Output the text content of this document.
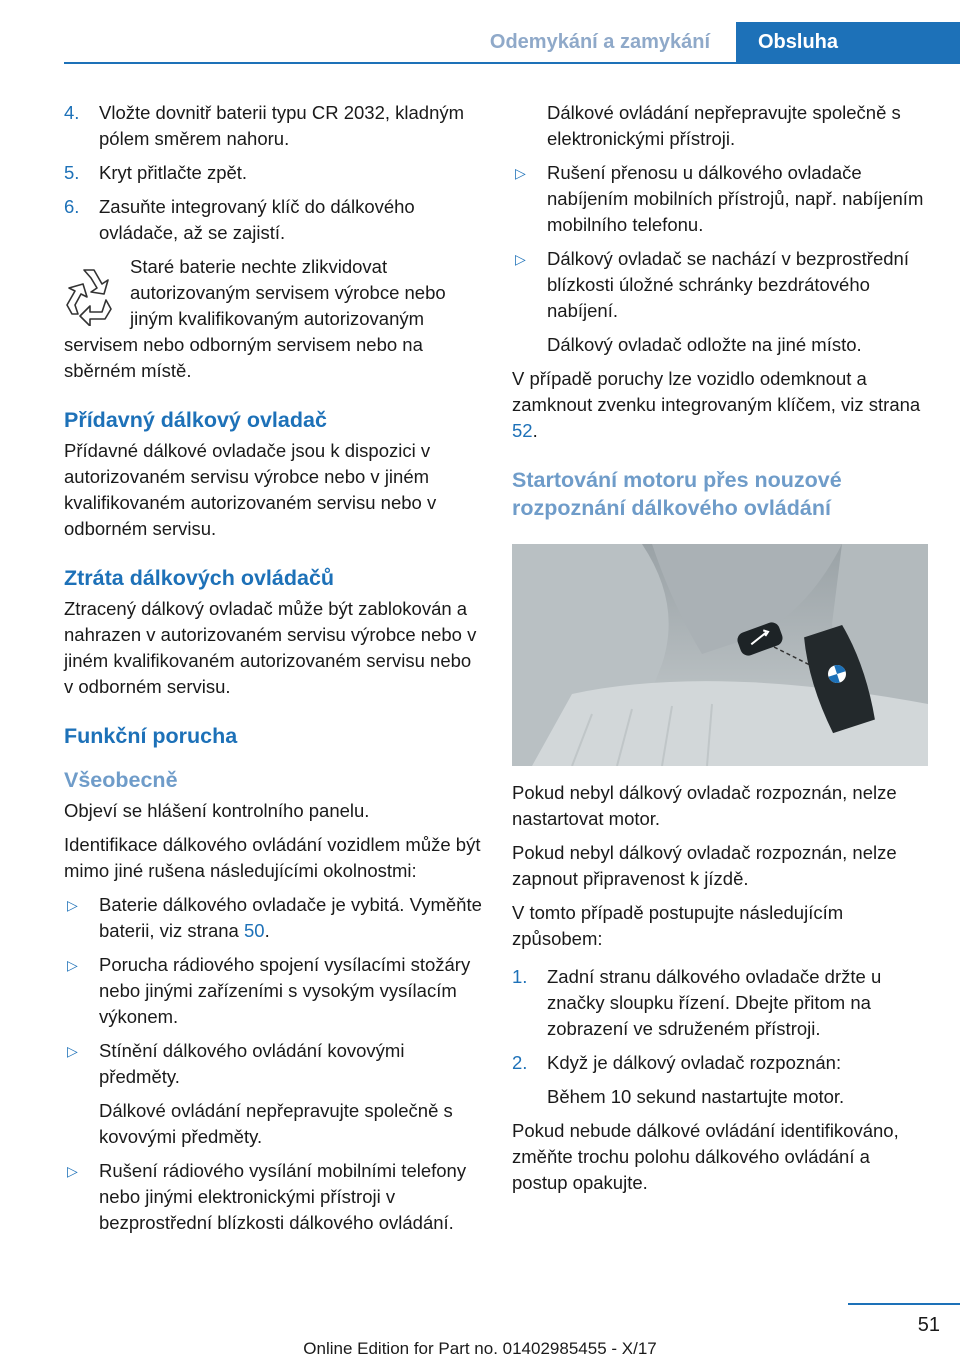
Odemykání a zamykání	Obsluha
4. Vložte dovnitř baterii typu CR 2032, kladným pólem směrem nahoru.
5. Kryt přitlačte zpět.
6. Zasuňte integrovaný klíč do dálkového ovládače, až se zajistí.
Staré baterie nechte zlikvidovat autorizovaným servisem výrobce nebo jiným kvalifikovaným autorizovaným servisem nebo odborným servisem nebo na sběrném místě.
Přídavný dálkový ovladač
Přídavné dálkové ovladače jsou k dispozici v autorizovaném servisu výrobce nebo v jiném kvalifikovaném autorizovaném servisu nebo v odborném servisu.
Ztráta dálkových ovládačů
Ztracený dálkový ovladač může být zablokován a nahrazen v autorizovaném servisu výrobce nebo v jiném kvalifikovaném autorizovaném servisu nebo v odborném servisu.
Funkční porucha
Všeobecně
Objeví se hlášení kontrolního panelu.
Identifikace dálkového ovládání vozidlem může být mimo jiné rušena následujícími okolnostmi:
▷ Baterie dálkového ovladače je vybitá. Vyměňte baterii, viz strana 50.
▷ Porucha rádiového spojení vysílacími stožáry nebo jinými zařízeními s vysokým vysílacím výkonem.
▷ Stínění dálkového ovládání kovovými předměty.
Dálkové ovládání nepřepravujte společně s kovovými předměty.
▷ Rušení rádiového vysílání mobilními telefony nebo jinými elektronickými přístroji v bezprostřední blízkosti dálkového ovládání.
Dálkové ovládání nepřepravujte společně s elektronickými přístroji.
▷ Rušení přenosu u dálkového ovladače nabíjením mobilních přístrojů, např. nabíjením mobilního telefonu.
▷ Dálkový ovladač se nachází v bezprostřední blízkosti úložné schránky bezdrátového nabíjení.
Dálkový ovladač odložte na jiné místo.
V případě poruchy lze vozidlo odemknout a zamknout zvenku integrovaným klíčem, viz strana 52.
Startování motoru přes nouzové rozpoznání dálkového ovládání
Pokud nebyl dálkový ovladač rozpoznán, nelze nastartovat motor.
Pokud nebyl dálkový ovladač rozpoznán, nelze zapnout připravenost k jízdě.
V tomto případě postupujte následujícím způsobem:
1. Zadní stranu dálkového ovladače držte u značky sloupku řízení. Dbejte přitom na zobrazení ve sdruženém přístroji.
2. Když je dálkový ovladač rozpoznán:
Během 10 sekund nastartujte motor.
Pokud nebude dálkové ovládání identifikováno, změňte trochu polohu dálkového ovládání a postup opakujte.
51
Online Edition for Part no. 01402985455 - X/17
